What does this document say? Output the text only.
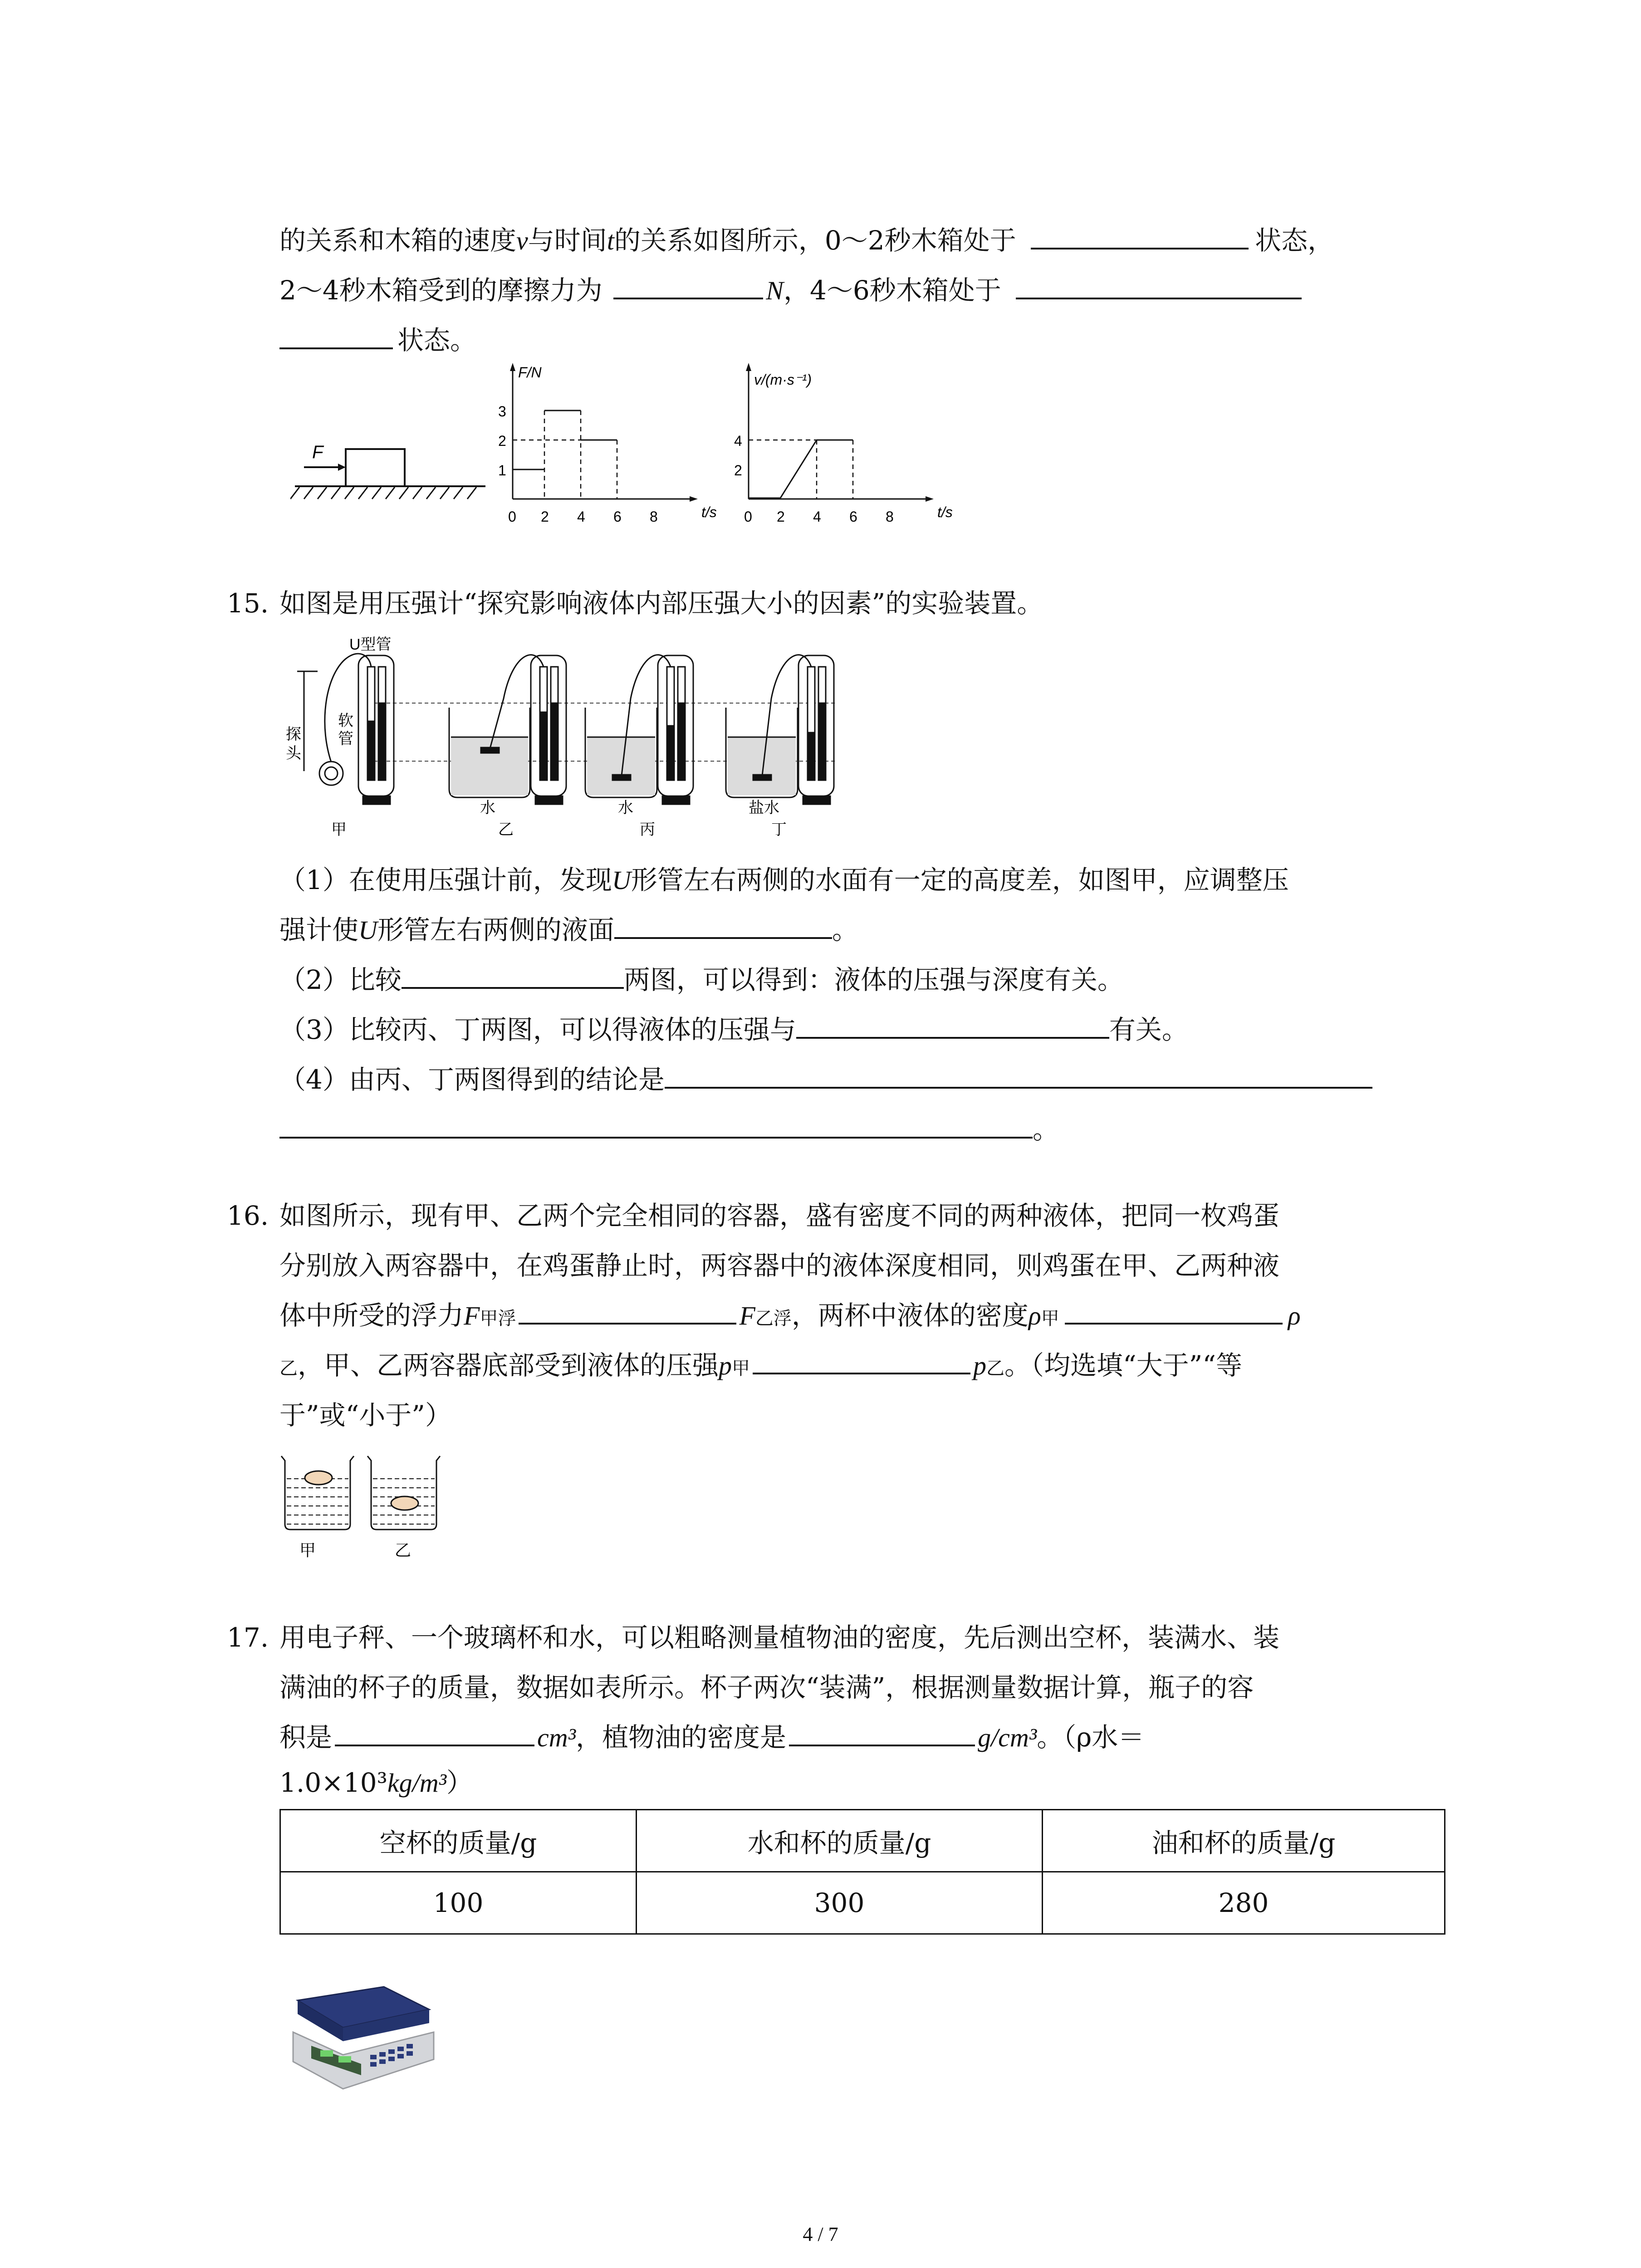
的关系和木箱的速度v与时间t的关系如图所示，0～2秒木箱处于	状态，
2～4秒木箱受到的摩擦力为	N，4～6秒木箱处于
状态。
F
F/N
t/s
1
2
3
0 2 4 6 8
v/(m·s⁻¹)
t/s
2
4
0 2 4 6 8
15. 如图是用压强计“探究影响液体内部压强大小的因素”的实验装置。
U型管
软
管
探
头
水	水	盐水
甲	乙	丙	丁
（1）在使用压强计前，发现U形管左右两侧的水面有一定的高度差，如图甲，应调整压
强计使U形管左右两侧的液面	。
（2）比较	两图，可以得到：液体的压强与深度有关。
（3）比较丙、丁两图，可以得液体的压强与	有关。
（4）由丙、丁两图得到的结论是
。
16. 如图所示，现有甲、乙两个完全相同的容器，盛有密度不同的两种液体，把同一枚鸡蛋
分别放入两容器中，在鸡蛋静止时，两容器中的液体深度相同，则鸡蛋在甲、乙两种液
体中所受的浮力F甲浮	F乙浮，两杯中液体的密度ρ甲	ρ
乙，甲、乙两容器底部受到液体的压强p甲	p乙。（均选填“大于”“等
于”或“小于”）
甲	乙
17. 用电子秤、一个玻璃杯和水，可以粗略测量植物油的密度，先后测出空杯，装满水、装
满油的杯子的质量，数据如表所示。杯子两次“装满”，根据测量数据计算，瓶子的容
积是	cm³，植物油的密度是	g/cm³。（ρ水＝
1.0×10³kg/m³）
空杯的质量/g	水和杯的质量/g	油和杯的质量/g
100	300	280
4 / 7
